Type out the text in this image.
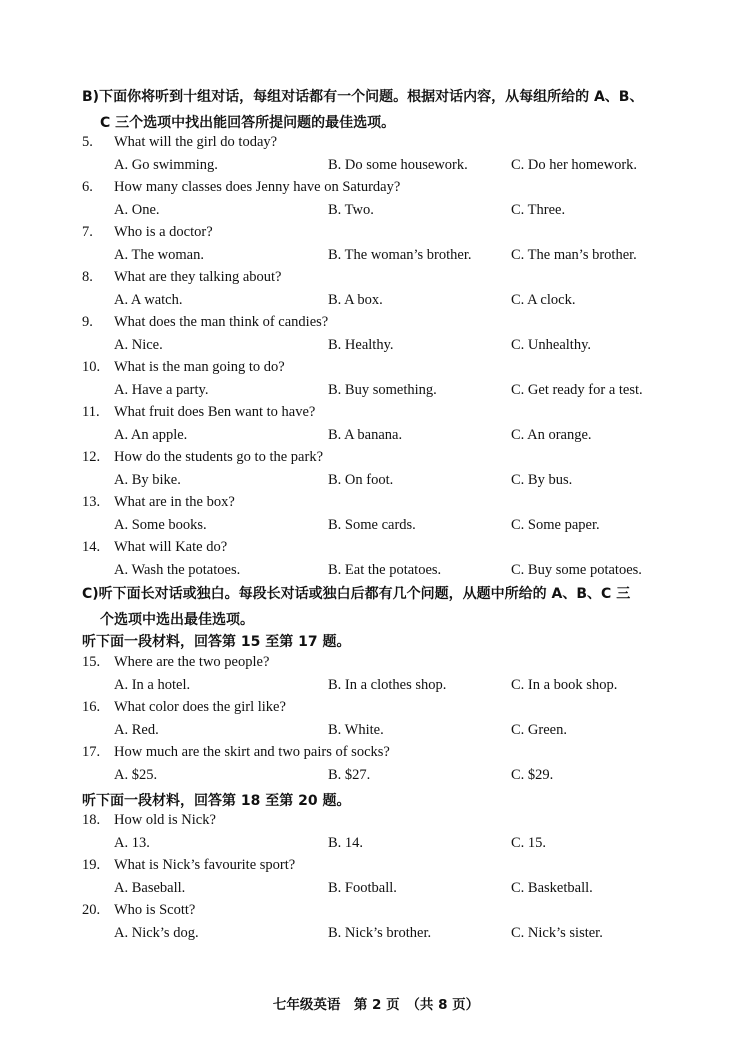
B)下面你将听到十组对话，每组对话都有一个问题。根据对话内容，从每组所给的 A、B、
C 三个选项中找出能回答所提问题的最佳选项。
5. What will the girl do today?
A. Go swimming.	B. Do some housework.	C. Do her homework.
6. How many classes does Jenny have on Saturday?
A. One.	B. Two.	C. Three.
7. Who is a doctor?
A. The woman.	B. The woman’s brother.	C. The man’s brother.
8. What are they talking about?
A. A watch.	B. A box.	C. A clock.
9. What does the man think of candies?
A. Nice.	B. Healthy.	C. Unhealthy.
10. What is the man going to do?
A. Have a party.	B. Buy something.	C. Get ready for a test.
11. What fruit does Ben want to have?
A. An apple.	B. A banana.	C. An orange.
12. How do the students go to the park?
A. By bike.	B. On foot.	C. By bus.
13. What are in the box?
A. Some books.	B. Some cards.	C. Some paper.
14. What will Kate do?
A. Wash the potatoes.	B. Eat the potatoes.	C. Buy some potatoes.
C)听下面长对话或独白。每段长对话或独白后都有几个问题，从题中所给的 A、B、C 三
个选项中选出最佳选项。
听下面一段材料，回答第 15 至第 17 题。
15. Where are the two people?
A. In a hotel.	B. In a clothes shop.	C. In a book shop.
16. What color does the girl like?
A. Red.	B. White.	C. Green.
17. How much are the skirt and two pairs of socks?
A. $25.	B. $27.	C. $29.
听下面一段材料，回答第 18 至第 20 题。
18. How old is Nick?
A. 13.	B. 14.	C. 15.
19. What is Nick’s favourite sport?
A. Baseball.	B. Football.	C. Basketball.
20. Who is Scott?
A. Nick’s dog.	B. Nick’s brother.	C. Nick’s sister.
七年级英语　第 2 页　（共 8 页）
